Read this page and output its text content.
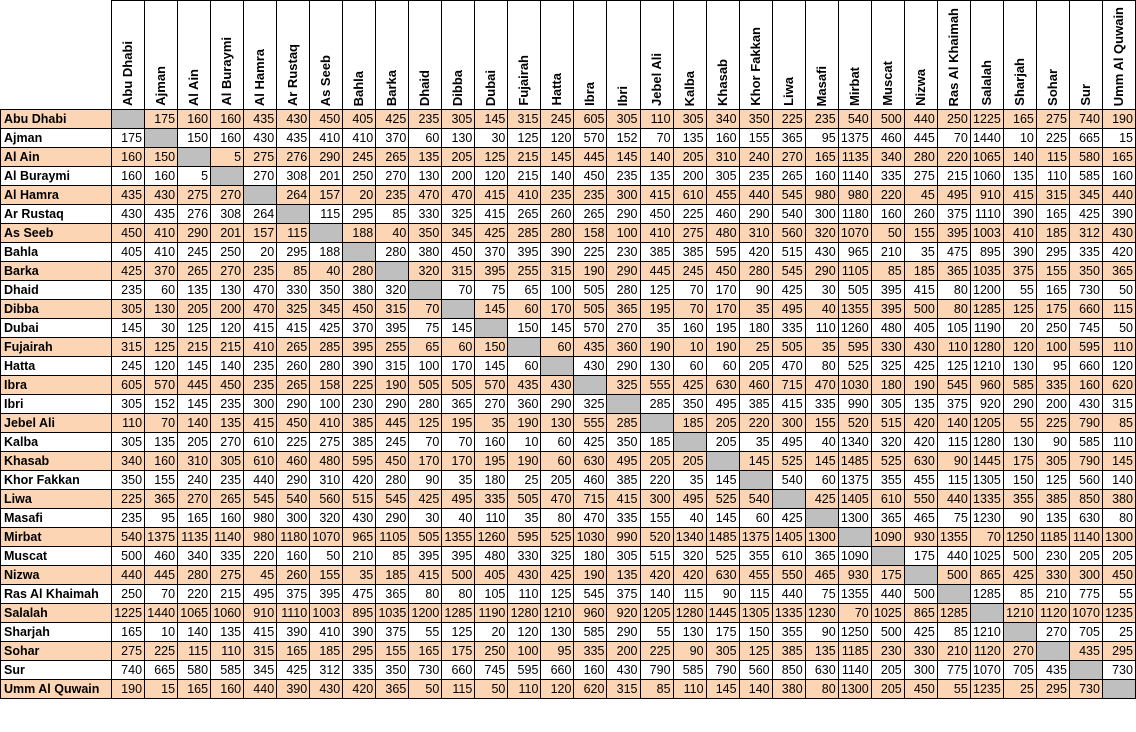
	Abu Dhabi	Ajman	Al Ain	Al Buraymi	Al Hamra	Ar Rustaq	As Seeb	Bahla	Barka	Dhaid	Dibba	Dubai	Fujairah	Hatta	Ibra	Ibri	Jebel Ali	Kalba	Khasab	Khor Fakkan	Liwa	Masafi	Mirbat	Muscat	Nizwa	Ras Al Khaimah	Salalah	Sharjah	Sohar	Sur	Umm Al Quwain

Abu Dhabi		175	160	160	435	430	450	405	425	235	305	145	315	245	605	305	110	305	340	350	225	235	540	500	440	250	1225	165	275	740	190
Ajman	175		150	160	430	435	410	410	370	60	130	30	125	120	570	152	70	135	160	155	365	95	1375	460	445	70	1440	10	225	665	15
Al Ain	160	150		5	275	276	290	245	265	135	205	125	215	145	445	145	140	205	310	240	270	165	1135	340	280	220	1065	140	115	580	165
Al Buraymi	160	160	5		270	308	201	250	270	130	200	120	215	140	450	235	135	200	305	235	265	160	1140	335	275	215	1060	135	110	585	160
Al Hamra	435	430	275	270		264	157	20	235	470	470	415	410	235	235	300	415	610	455	440	545	980	980	220	45	495	910	415	315	345	440
Ar Rustaq	430	435	276	308	264		115	295	85	330	325	415	265	260	265	290	450	225	460	290	540	300	1180	160	260	375	1110	390	165	425	390
As Seeb	450	410	290	201	157	115		188	40	350	345	425	285	280	158	100	410	275	480	310	560	320	1070	50	155	395	1003	410	185	312	430
Bahla	405	410	245	250	20	295	188		280	380	450	370	395	390	225	230	385	385	595	420	515	430	965	210	35	475	895	390	295	335	420
Barka	425	370	265	270	235	85	40	280		320	315	395	255	315	190	290	445	245	450	280	545	290	1105	85	185	365	1035	375	155	350	365
Dhaid	235	60	135	130	470	330	350	380	320		70	75	65	100	505	280	125	70	170	90	425	30	505	395	415	80	1200	55	165	730	50
Dibba	305	130	205	200	470	325	345	450	315	70		145	60	170	505	365	195	70	170	35	495	40	1355	395	500	80	1285	125	175	660	115
Dubai	145	30	125	120	415	415	425	370	395	75	145		150	145	570	270	35	160	195	180	335	110	1260	480	405	105	1190	20	250	745	50
Fujairah	315	125	215	215	410	265	285	395	255	65	60	150		60	435	360	190	10	190	25	505	35	595	330	430	110	1280	120	100	595	110
Hatta	245	120	145	140	235	260	280	390	315	100	170	145	60		430	290	130	60	60	205	470	80	525	325	425	125	1210	130	95	660	120
Ibra	605	570	445	450	235	265	158	225	190	505	505	570	435	430		325	555	425	630	460	715	470	1030	180	190	545	960	585	335	160	620
Ibri	305	152	145	235	300	290	100	230	290	280	365	270	360	290	325		285	350	495	385	415	335	990	305	135	375	920	290	200	430	315
Jebel Ali	110	70	140	135	415	450	410	385	445	125	195	35	190	130	555	285		185	205	220	300	155	520	515	420	140	1205	55	225	790	85
Kalba	305	135	205	270	610	225	275	385	245	70	70	160	10	60	425	350	185		205	35	495	40	1340	320	420	115	1280	130	90	585	110
Khasab	340	160	310	305	610	460	480	595	450	170	170	195	190	60	630	495	205	205		145	525	145	1485	525	630	90	1445	175	305	790	145
Khor Fakkan	350	155	240	235	440	290	310	420	280	90	35	180	25	205	460	385	220	35	145		540	60	1375	355	455	115	1305	150	125	560	140
Liwa	225	365	270	265	545	540	560	515	545	425	495	335	505	470	715	415	300	495	525	540		425	1405	610	550	440	1335	355	385	850	380
Masafi	235	95	165	160	980	300	320	430	290	30	40	110	35	80	470	335	155	40	145	60	425		1300	365	465	75	1230	90	135	630	80
Mirbat	540	1375	1135	1140	980	1180	1070	965	1105	505	1355	1260	595	525	1030	990	520	1340	1485	1375	1405	1300		1090	930	1355	70	1250	1185	1140	1300
Muscat	500	460	340	335	220	160	50	210	85	395	395	480	330	325	180	305	515	320	525	355	610	365	1090		175	440	1025	500	230	205	205
Nizwa	440	445	280	275	45	260	155	35	185	415	500	405	430	425	190	135	420	420	630	455	550	465	930	175		500	865	425	330	300	450
Ras Al Khaimah	250	70	220	215	495	375	395	475	365	80	80	105	110	125	545	375	140	115	90	115	440	75	1355	440	500		1285	85	210	775	55
Salalah	1225	1440	1065	1060	910	1110	1003	895	1035	1200	1285	1190	1280	1210	960	920	1205	1280	1445	1305	1335	1230	70	1025	865	1285		1210	1120	1070	1235
Sharjah	165	10	140	135	415	390	410	390	375	55	125	20	120	130	585	290	55	130	175	150	355	90	1250	500	425	85	1210		270	705	25
Sohar	275	225	115	110	315	165	185	295	155	165	175	250	100	95	335	200	225	90	305	125	385	135	1185	230	330	210	1120	270		435	295
Sur	740	665	580	585	345	425	312	335	350	730	660	745	595	660	160	430	790	585	790	560	850	630	1140	205	300	775	1070	705	435		730
Umm Al Quwain	190	15	165	160	440	390	430	420	365	50	115	50	110	120	620	315	85	110	145	140	380	80	1300	205	450	55	1235	25	295	730	
